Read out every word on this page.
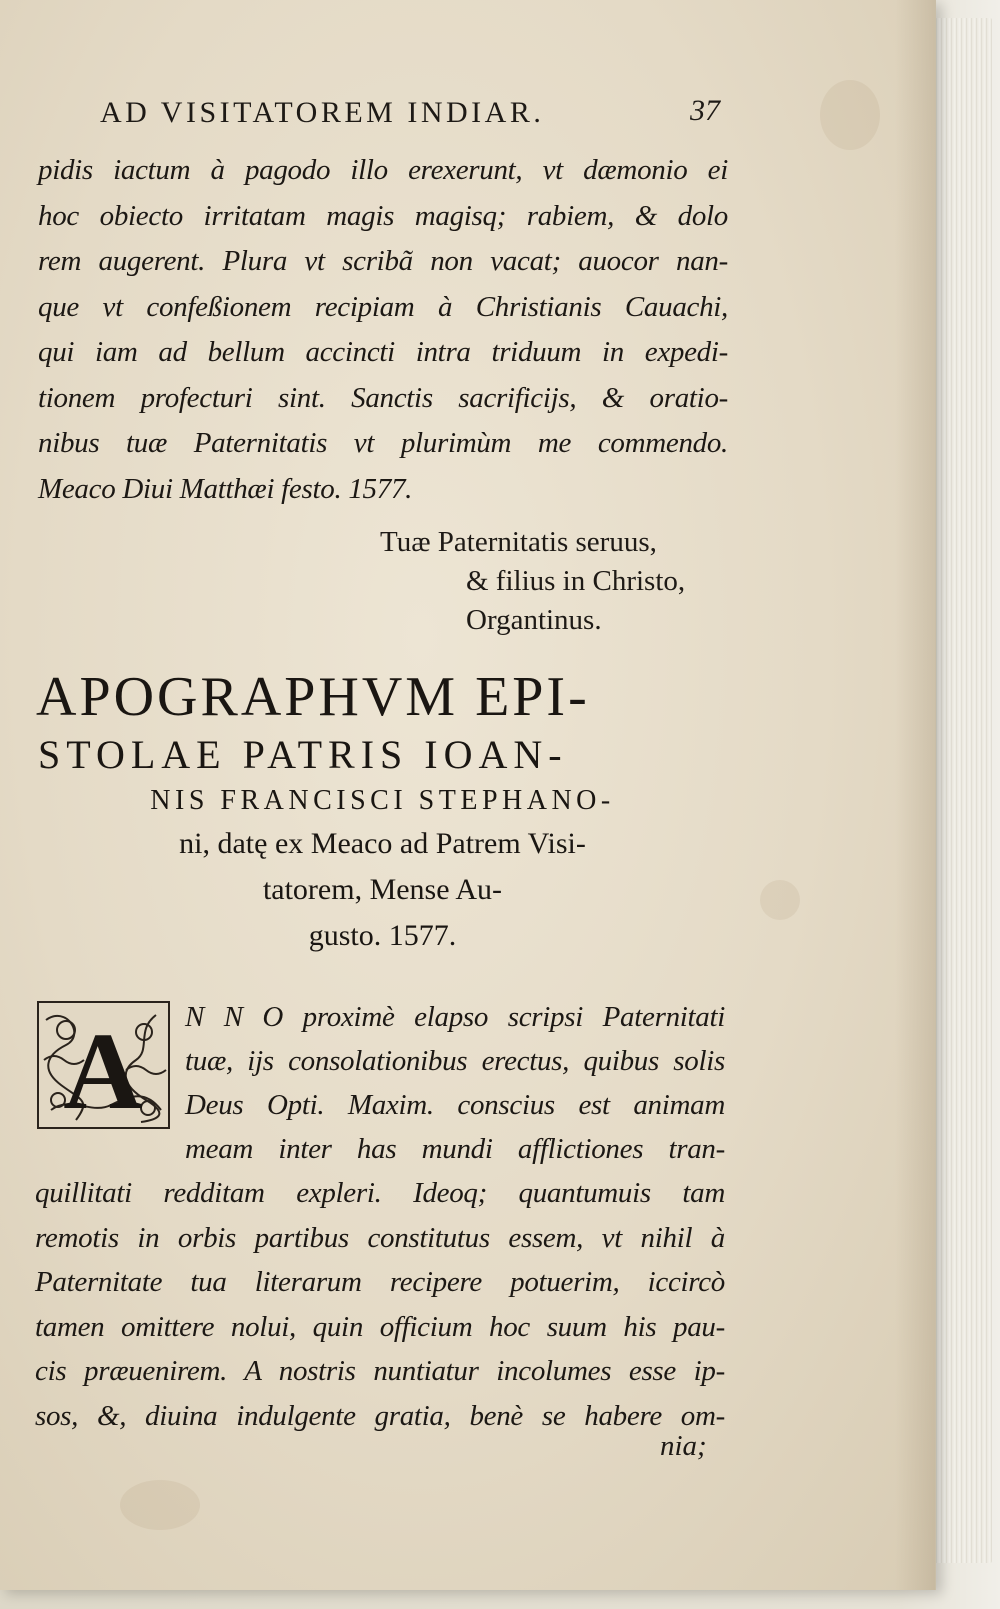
AD VISITATOREM INDIAR.	37
pidis iactum à pagodo illo erexerunt, vt dæmonio ei
hoc obiecto irritatam magis magisq; rabiem, & dolo
rem augerent. Plura vt scribã non vacat; auocor nan-
que vt confeßionem recipiam à Christianis Cauachi,
qui iam ad bellum accincti intra triduum in expedi-
tionem profecturi sint. Sanctis sacrificijs, & oratio-
nibus tuæ Paternitatis vt plurimùm me commendo.
Meaco Diui Matthæi festo. 1577.
Tuæ Paternitatis seruus,
& filius in Christo,
Organtinus.
APOGRAPHVM EPI-
STOLAE PATRIS IOAN-
NIS FRANCISCI STEPHANO-
ni, datę ex Meaco ad Patrem Visi-
tatorem, Mense Au-
gusto. 1577.
A N N O proximè elapso scripsi Paternitati
tuæ, ijs consolationibus erectus, quibus solis
Deus Opti. Maxim. conscius est animam
meam inter has mundi afflictiones tran-
quillitati redditam expleri. Ideoq; quantumuis tam
remotis in orbis partibus constitutus essem, vt nihil à
Paternitate tua literarum recipere potuerim, iccircò
tamen omittere nolui, quin officium hoc suum his pau-
cis præuenirem. A nostris nuntiatur incolumes esse ip-
sos, &, diuina indulgente gratia, benè se habere om-
nia;
